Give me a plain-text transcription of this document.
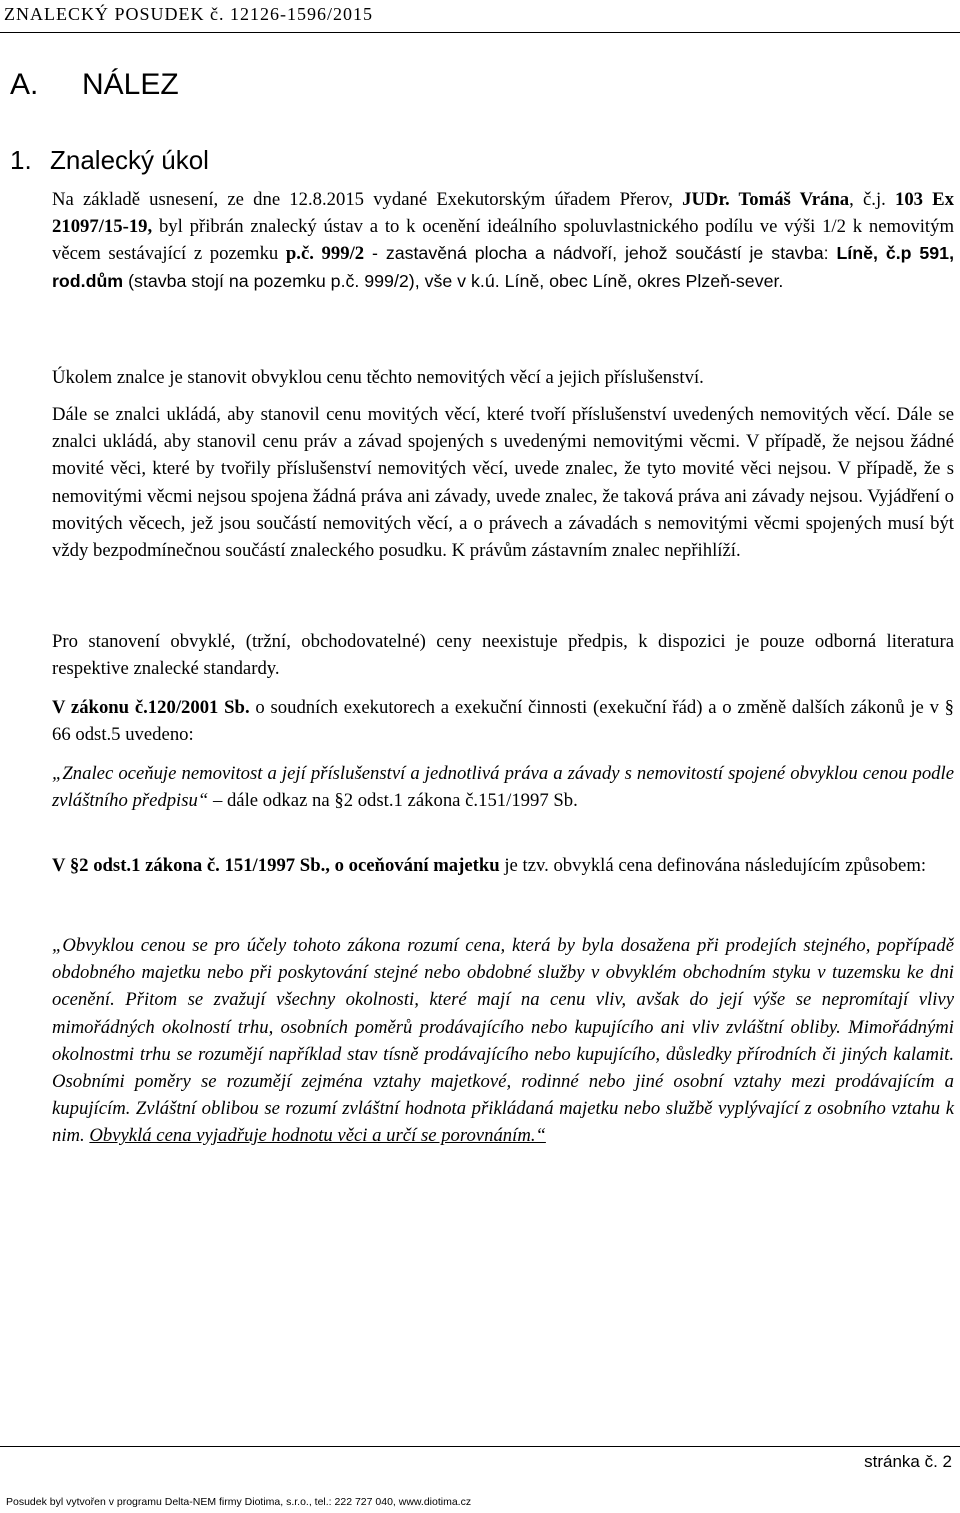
ZNALECKÝ POSUDEK č. 12126-1596/2015
A. NÁLEZ
1. Znalecký úkol

Na základě usnesení, ze dne 12.8.2015 vydané Exekutorským úřadem Přerov, JUDr. Tomáš Vrána, č.j. 103 Ex 21097/15-19, byl přibrán znalecký ústav a to k ocenění ideálního spoluvlastnického podílu ve výši 1/2 k nemovitým věcem sestávající z pozemku p.č. 999/2 - zastavěná plocha a nádvoří, jehož součástí je stavba: Líně, č.p 591, rod.dům (stavba stojí na pozemku p.č. 999/2), vše v k.ú. Líně, obec Líně, okres Plzeň-sever.

Úkolem znalce je stanovit obvyklou cenu těchto nemovitých věcí a jejich příslušenství.

Dále se znalci ukládá, aby stanovil cenu movitých věcí, které tvoří příslušenství uvedených nemovitých věcí. Dále se znalci ukládá, aby stanovil cenu práv a závad spojených s uvedenými nemovitými věcmi. V případě, že nejsou žádné movité věci, které by tvořily příslušenství nemovitých věcí, uvede znalec, že tyto movité věci nejsou. V případě, že s nemovitými věcmi nejsou spojena žádná práva ani závady, uvede znalec, že taková práva ani závady nejsou. Vyjádření o movitých věcech, jež jsou součástí nemovitých věcí, a o právech a závadách s nemovitými věcmi spojených musí být vždy bezpodmínečnou součástí znaleckého posudku. K právům zástavním znalec nepřihlíží.

Pro stanovení obvyklé, (tržní, obchodovatelné) ceny neexistuje předpis, k dispozici je pouze odborná literatura respektive znalecké standardy.

V zákonu č.120/2001 Sb. o soudních exekutorech a exekuční činnosti (exekuční řád) a o změně dalších zákonů je v § 66 odst.5 uvedeno:

„Znalec oceňuje nemovitost a její příslušenství a jednotlivá práva a závady s nemovitostí spojené obvyklou cenou podle zvláštního předpisu“ – dále odkaz na §2 odst.1 zákona č.151/1997 Sb.

V §2 odst.1 zákona č. 151/1997 Sb., o oceňování majetku je tzv. obvyklá cena definována následujícím způsobem:

„Obvyklou cenou se pro účely tohoto zákona rozumí cena, která by byla dosažena při prodejích stejného, popřípadě obdobného majetku nebo při poskytování stejné nebo obdobné služby v obvyklém obchodním styku v tuzemsku ke dni ocenění. Přitom se zvažují všechny okolnosti, které mají na cenu vliv, avšak do její výše se nepromítají vlivy mimořádných okolností trhu, osobních poměrů prodávajícího nebo kupujícího ani vliv zvláštní obliby. Mimořádnými okolnostmi trhu se rozumějí například stav tísně prodávajícího nebo kupujícího, důsledky přírodních či jiných kalamit. Osobními poměry se rozumějí zejména vztahy majetkové, rodinné nebo jiné osobní vztahy mezi prodávajícím a kupujícím. Zvláštní oblibou se rozumí zvláštní hodnota přikládaná majetku nebo službě vyplývající z osobního vztahu k nim. Obvyklá cena vyjadřuje hodnotu věci a určí se porovnáním.“

stránka č. 2
Posudek byl vytvořen v programu Delta-NEM firmy Diotima, s.r.o., tel.: 222 727 040, www.diotima.cz
